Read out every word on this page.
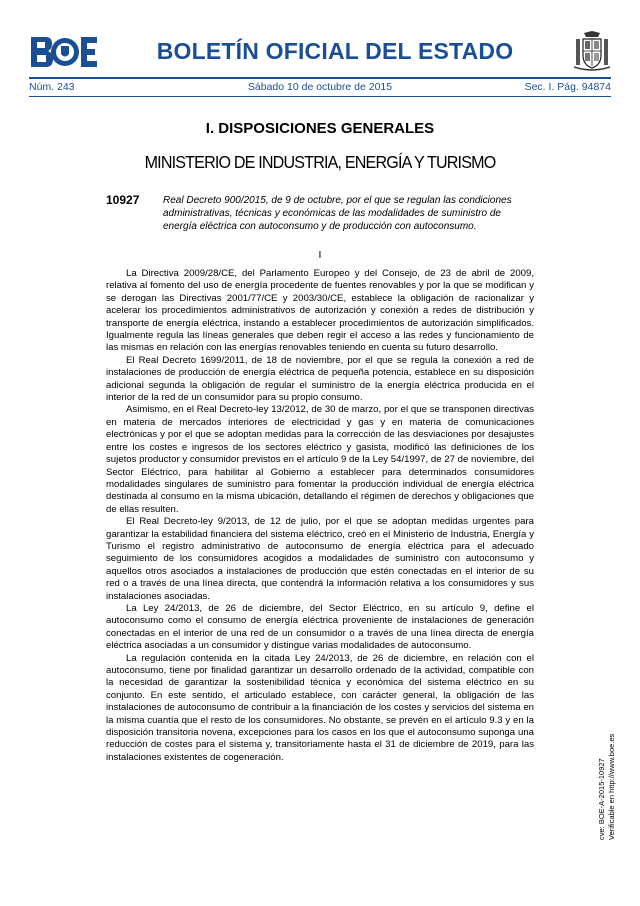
BOLETÍN OFICIAL DEL ESTADO
Núm. 243	Sábado 10 de octubre de 2015	Sec. I. Pág. 94874
I. DISPOSICIONES GENERALES
MINISTERIO DE INDUSTRIA, ENERGÍA Y TURISMO
10927 Real Decreto 900/2015, de 9 de octubre, por el que se regulan las condiciones administrativas, técnicas y económicas de las modalidades de suministro de energía eléctrica con autoconsumo y de producción con autoconsumo.
I

La Directiva 2009/28/CE, del Parlamento Europeo y del Consejo, de 23 de abril de 2009, relativa al fomento del uso de energía procedente de fuentes renovables y por la que se modifican y se derogan las Directivas 2001/77/CE y 2003/30/CE, establece la obligación de racionalizar y acelerar los procedimientos administrativos de autorización y conexión a redes de distribución y transporte de energía eléctrica, instando a establecer procedimientos de autorización simplificados. Igualmente regula las líneas generales que deben regir el acceso a las redes y funcionamiento de las mismas en relación con las energías renovables teniendo en cuenta su futuro desarrollo.

El Real Decreto 1699/2011, de 18 de noviembre, por el que se regula la conexión a red de instalaciones de producción de energía eléctrica de pequeña potencia, establece en su disposición adicional segunda la obligación de regular el suministro de la energía eléctrica producida en el interior de la red de un consumidor para su propio consumo.

Asimismo, en el Real Decreto-ley 13/2012, de 30 de marzo, por el que se transponen directivas en materia de mercados interiores de electricidad y gas y en materia de comunicaciones electrónicas y por el que se adoptan medidas para la corrección de las desviaciones por desajustes entre los costes e ingresos de los sectores eléctrico y gasista, modificó las definiciones de los sujetos productor y consumidor previstos en el artículo 9 de la Ley 54/1997, de 27 de noviembre, del Sector Eléctrico, para habilitar al Gobierno a establecer para determinados consumidores modalidades singulares de suministro para fomentar la producción individual de energía eléctrica destinada al consumo en la misma ubicación, detallando el régimen de derechos y obligaciones que de ellas resulten.

El Real Decreto-ley 9/2013, de 12 de julio, por el que se adoptan medidas urgentes para garantizar la estabilidad financiera del sistema eléctrico, creó en el Ministerio de Industria, Energía y Turismo el registro administrativo de autoconsumo de energía eléctrica para el adecuado seguimiento de los consumidores acogidos a modalidades de suministro con autoconsumo y aquellos otros asociados a instalaciones de producción que estén conectadas en el interior de su red o a través de una línea directa, que contendrá la información relativa a los consumidores y sus instalaciones asociadas.

La Ley 24/2013, de 26 de diciembre, del Sector Eléctrico, en su artículo 9, define el autoconsumo como el consumo de energía eléctrica proveniente de instalaciones de generación conectadas en el interior de una red de un consumidor o a través de una línea directa de energía eléctrica asociadas a un consumidor y distingue varias modalidades de autoconsumo.

La regulación contenida en la citada Ley 24/2013, de 26 de diciembre, en relación con el autoconsumo, tiene por finalidad garantizar un desarrollo ordenado de la actividad, compatible con la necesidad de garantizar la sostenibilidad técnica y económica del sistema eléctrico en su conjunto. En este sentido, el articulado establece, con carácter general, la obligación de las instalaciones de autoconsumo de contribuir a la financiación de los costes y servicios del sistema en la misma cuantía que el resto de los consumidores. No obstante, se prevén en el artículo 9.3 y en la disposición transitoria novena, excepciones para los casos en los que el autoconsumo suponga una reducción de costes para el sistema y, transitoriamente hasta el 31 de diciembre de 2019, para las instalaciones existentes de cogeneración.

cve: BOE-A-2015-10927 Verificable en http://www.boe.es
